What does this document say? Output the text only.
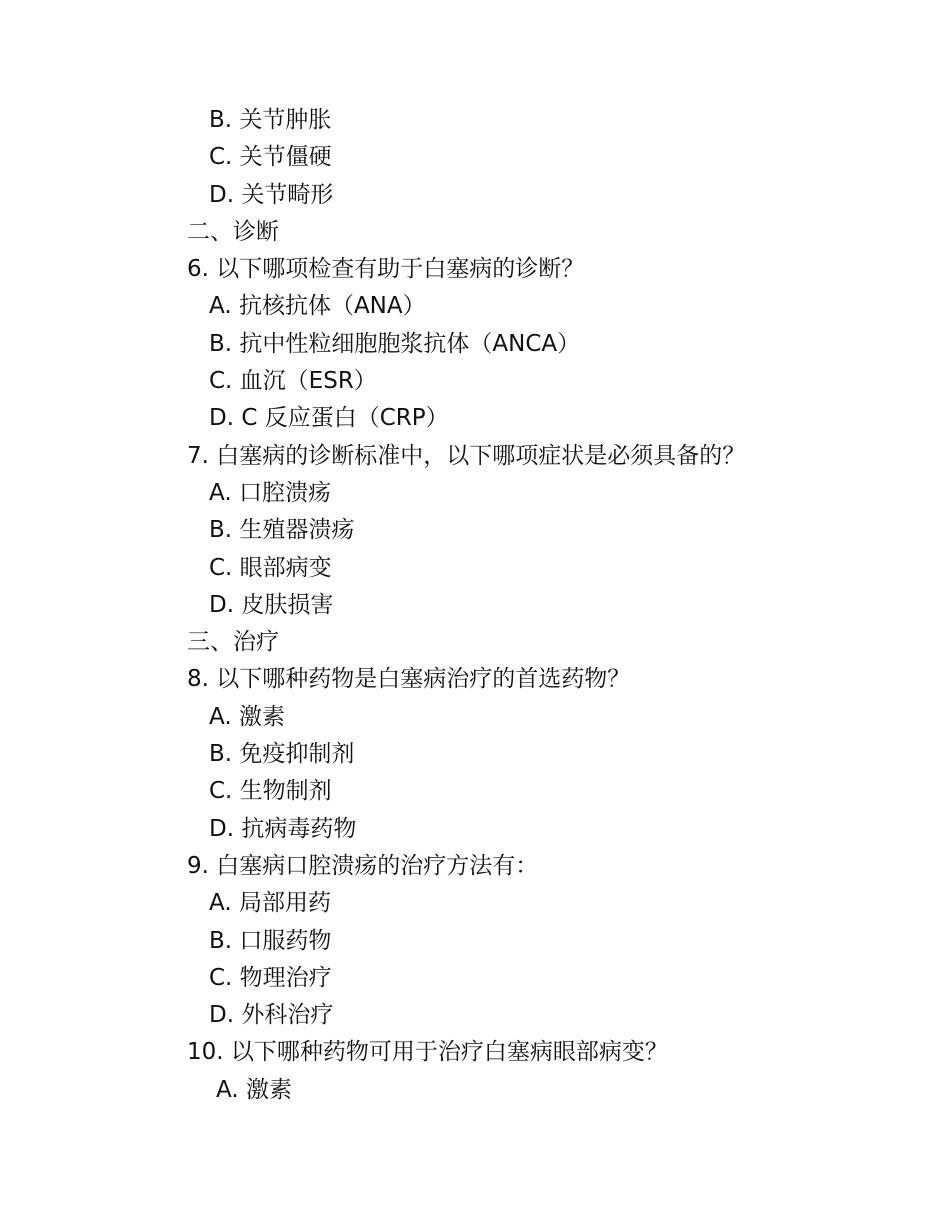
B. 关节肿胀
C. 关节僵硬
D. 关节畸形
二、诊断
6. 以下哪项检查有助于白塞病的诊断？
A. 抗核抗体（ANA）
B. 抗中性粒细胞胞浆抗体（ANCA）
C. 血沉（ESR）
D. C 反应蛋白（CRP）
7. 白塞病的诊断标准中，以下哪项症状是必须具备的？
A. 口腔溃疡
B. 生殖器溃疡
C. 眼部病变
D. 皮肤损害
三、治疗
8. 以下哪种药物是白塞病治疗的首选药物？
A. 激素
B. 免疫抑制剂
C. 生物制剂
D. 抗病毒药物
9. 白塞病口腔溃疡的治疗方法有：
A. 局部用药
B. 口服药物
C. 物理治疗
D. 外科治疗
10. 以下哪种药物可用于治疗白塞病眼部病变？
A. 激素
